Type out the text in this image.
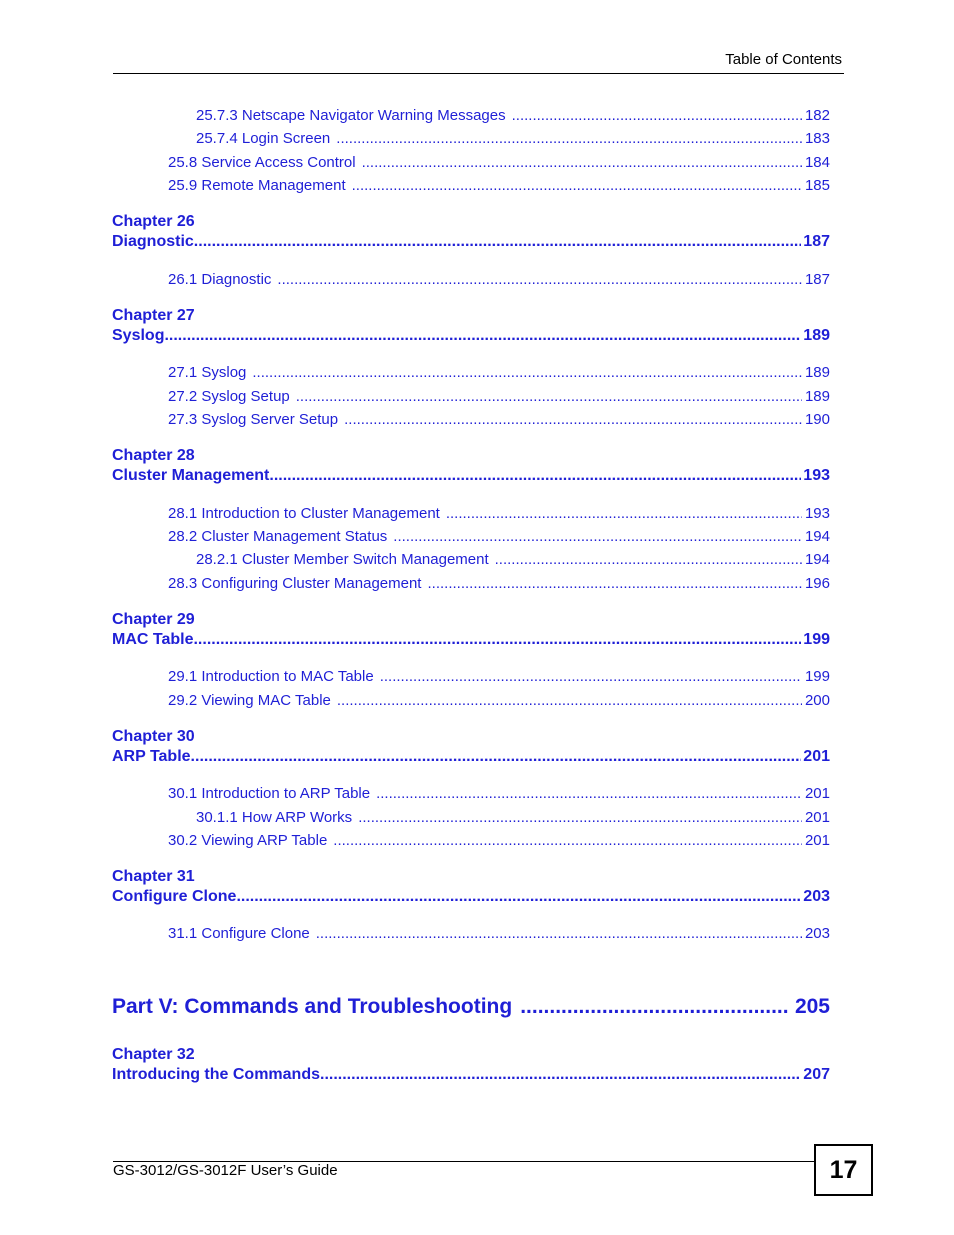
Table of Contents
25.7.3 Netscape Navigator Warning Messages .....	182
25.7.4 Login Screen .....	183
25.8 Service Access Control .....	184
25.9 Remote Management .....	185
Chapter 26
Diagnostic .....	187
26.1 Diagnostic .....	187
Chapter 27
Syslog .....	189
27.1 Syslog .....	189
27.2 Syslog Setup .....	189
27.3 Syslog Server Setup .....	190
Chapter 28
Cluster Management .....	193
28.1 Introduction to Cluster Management .....	193
28.2 Cluster Management Status .....	194
28.2.1 Cluster Member Switch Management .....	194
28.3 Configuring Cluster Management .....	196
Chapter 29
MAC Table .....	199
29.1 Introduction to MAC Table .....	199
29.2 Viewing MAC Table .....	200
Chapter 30
ARP Table .....	201
30.1 Introduction to ARP Table .....	201
30.1.1 How ARP Works .....	201
30.2 Viewing ARP Table .....	201
Chapter 31
Configure Clone .....	203
31.1 Configure Clone .....	203
Part V: Commands and Troubleshooting .....	205
Chapter 32
Introducing the Commands .....	207
GS-3012/GS-3012F User’s Guide	17
